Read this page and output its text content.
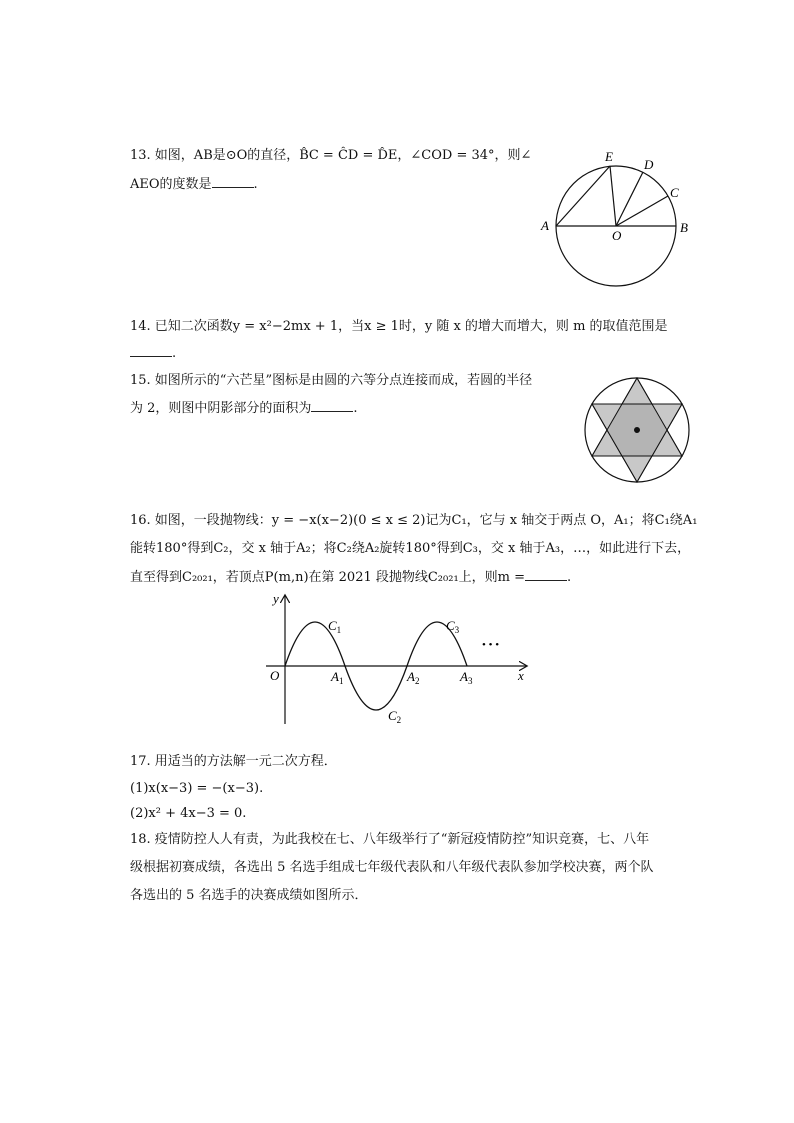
13. 如图，AB是⊙O的直径，B̂C = ĈD = D̂E，∠COD = 34°，则∠
AEO的度数是	.
A	B
C
D
E
O
14. 已知二次函数y = x²−2mx + 1，当x ≥ 1时，y 随 x 的增大而增大，则 m 的取值范围是
.
15. 如图所示的“六芒星”图标是由圆的六等分点连接而成，若圆的半径
为 2，则图中阴影部分的面积为	.
16. 如图，一段抛物线：y = −x(x−2)(0 ≤ x ≤ 2)记为C₁，它与 x 轴交于两点 O，A₁；将C₁绕A₁
能转180°得到C₂，交 x 轴于A₂；将C₂绕A₂旋转180°得到C₃，交 x 轴于A₃，…，如此进行下去，
直至得到C₂₀₂₁，若顶点P(m,n)在第 2021 段抛物线C₂₀₂₁上，则m =	.
y
x
O	$A_1$	$A_2$	$A_3$
$C_1$
$C_2$
$C_3$
• • •
17. 用适当的方法解一元二次方程．
(1)x(x−3) = −(x−3).
(2)x² + 4x−3 = 0.
18. 疫情防控人人有责，为此我校在七、八年级举行了“新冠疫情防控”知识竞赛，七、八年
级根据初赛成绩，各选出 5 名选手组成七年级代表队和八年级代表队参加学校决赛，两个队
各选出的 5 名选手的决赛成绩如图所示．
